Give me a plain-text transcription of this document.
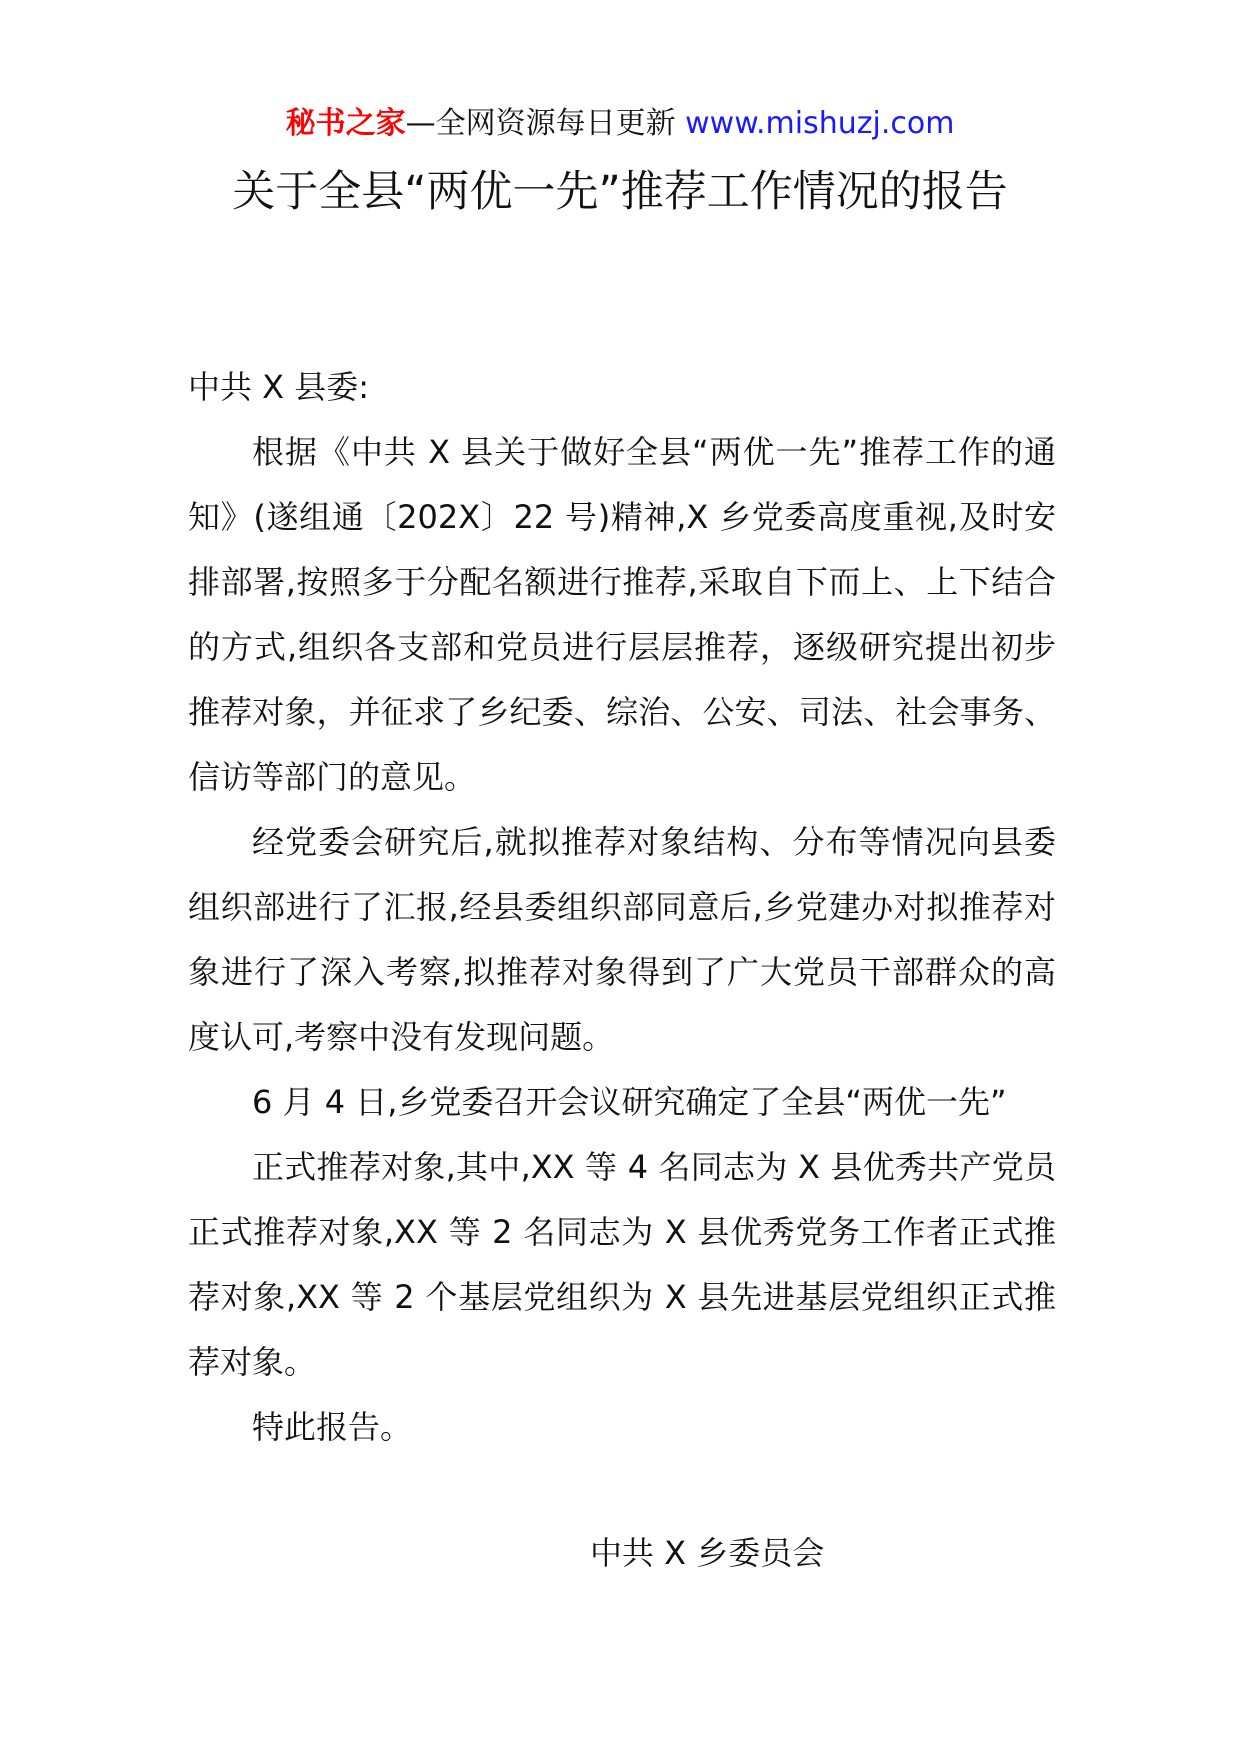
秘书之家—全网资源每日更新 www.mishuzj.com
关于全县“两优一先”推荐工作情况的报告

中共 X 县委:

根据《中共 X 县关于做好全县“两优一先”推荐工作的通知》(遂组通〔202X〕22 号)精神,X 乡党委高度重视,及时安排部署,按照多于分配名额进行推荐,采取自下而上、上下结合的方式,组织各支部和党员进行层层推荐，逐级研究提出初步推荐对象，并征求了乡纪委、综治、公安、司法、社会事务、信访等部门的意见。

经党委会研究后,就拟推荐对象结构、分布等情况向县委组织部进行了汇报,经县委组织部同意后,乡党建办对拟推荐对象进行了深入考察,拟推荐对象得到了广大党员干部群众的高度认可,考察中没有发现问题。

6 月 4 日,乡党委召开会议研究确定了全县“两优一先”

正式推荐对象,其中,XX 等 4 名同志为 X 县优秀共产党员正式推荐对象,XX 等 2 名同志为 X 县优秀党务工作者正式推荐对象,XX 等 2 个基层党组织为 X 县先进基层党组织正式推荐对象。

特此报告。

中共 X 乡委员会
